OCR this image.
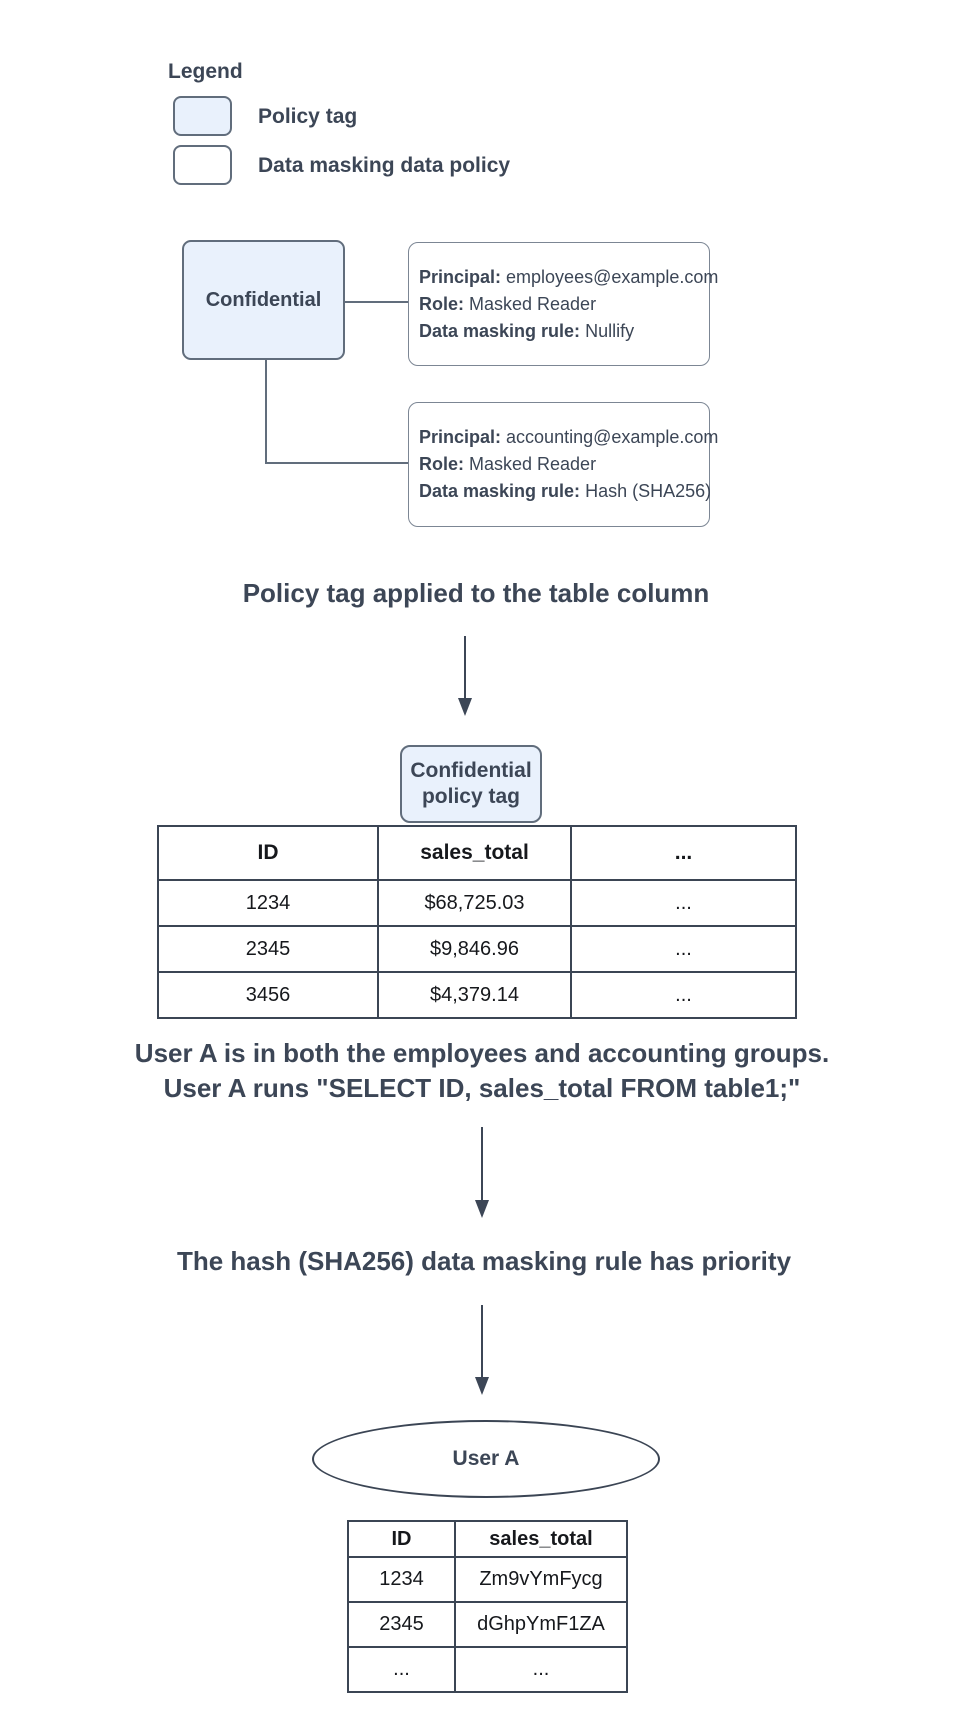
Legend
Policy tag
Data masking data policy
Confidential
Principal: employees@example.com
Role: Masked Reader
Data masking rule: Nullify
Principal: accounting@example.com
Role: Masked Reader
Data masking rule: Hash (SHA256)
Policy tag applied to the table column
Confidential
policy tag
ID	sales_total	...
1234	$68,725.03	...
2345	$9,846.96	...
3456	$4,379.14	...
User A is in both the employees and accounting groups.
User A runs "SELECT ID, sales_total FROM table1;"
The hash (SHA256) data masking rule has priority
User A
ID	sales_total
1234	Zm9vYmFycg
2345	dGhpYmF1ZA
...	...
